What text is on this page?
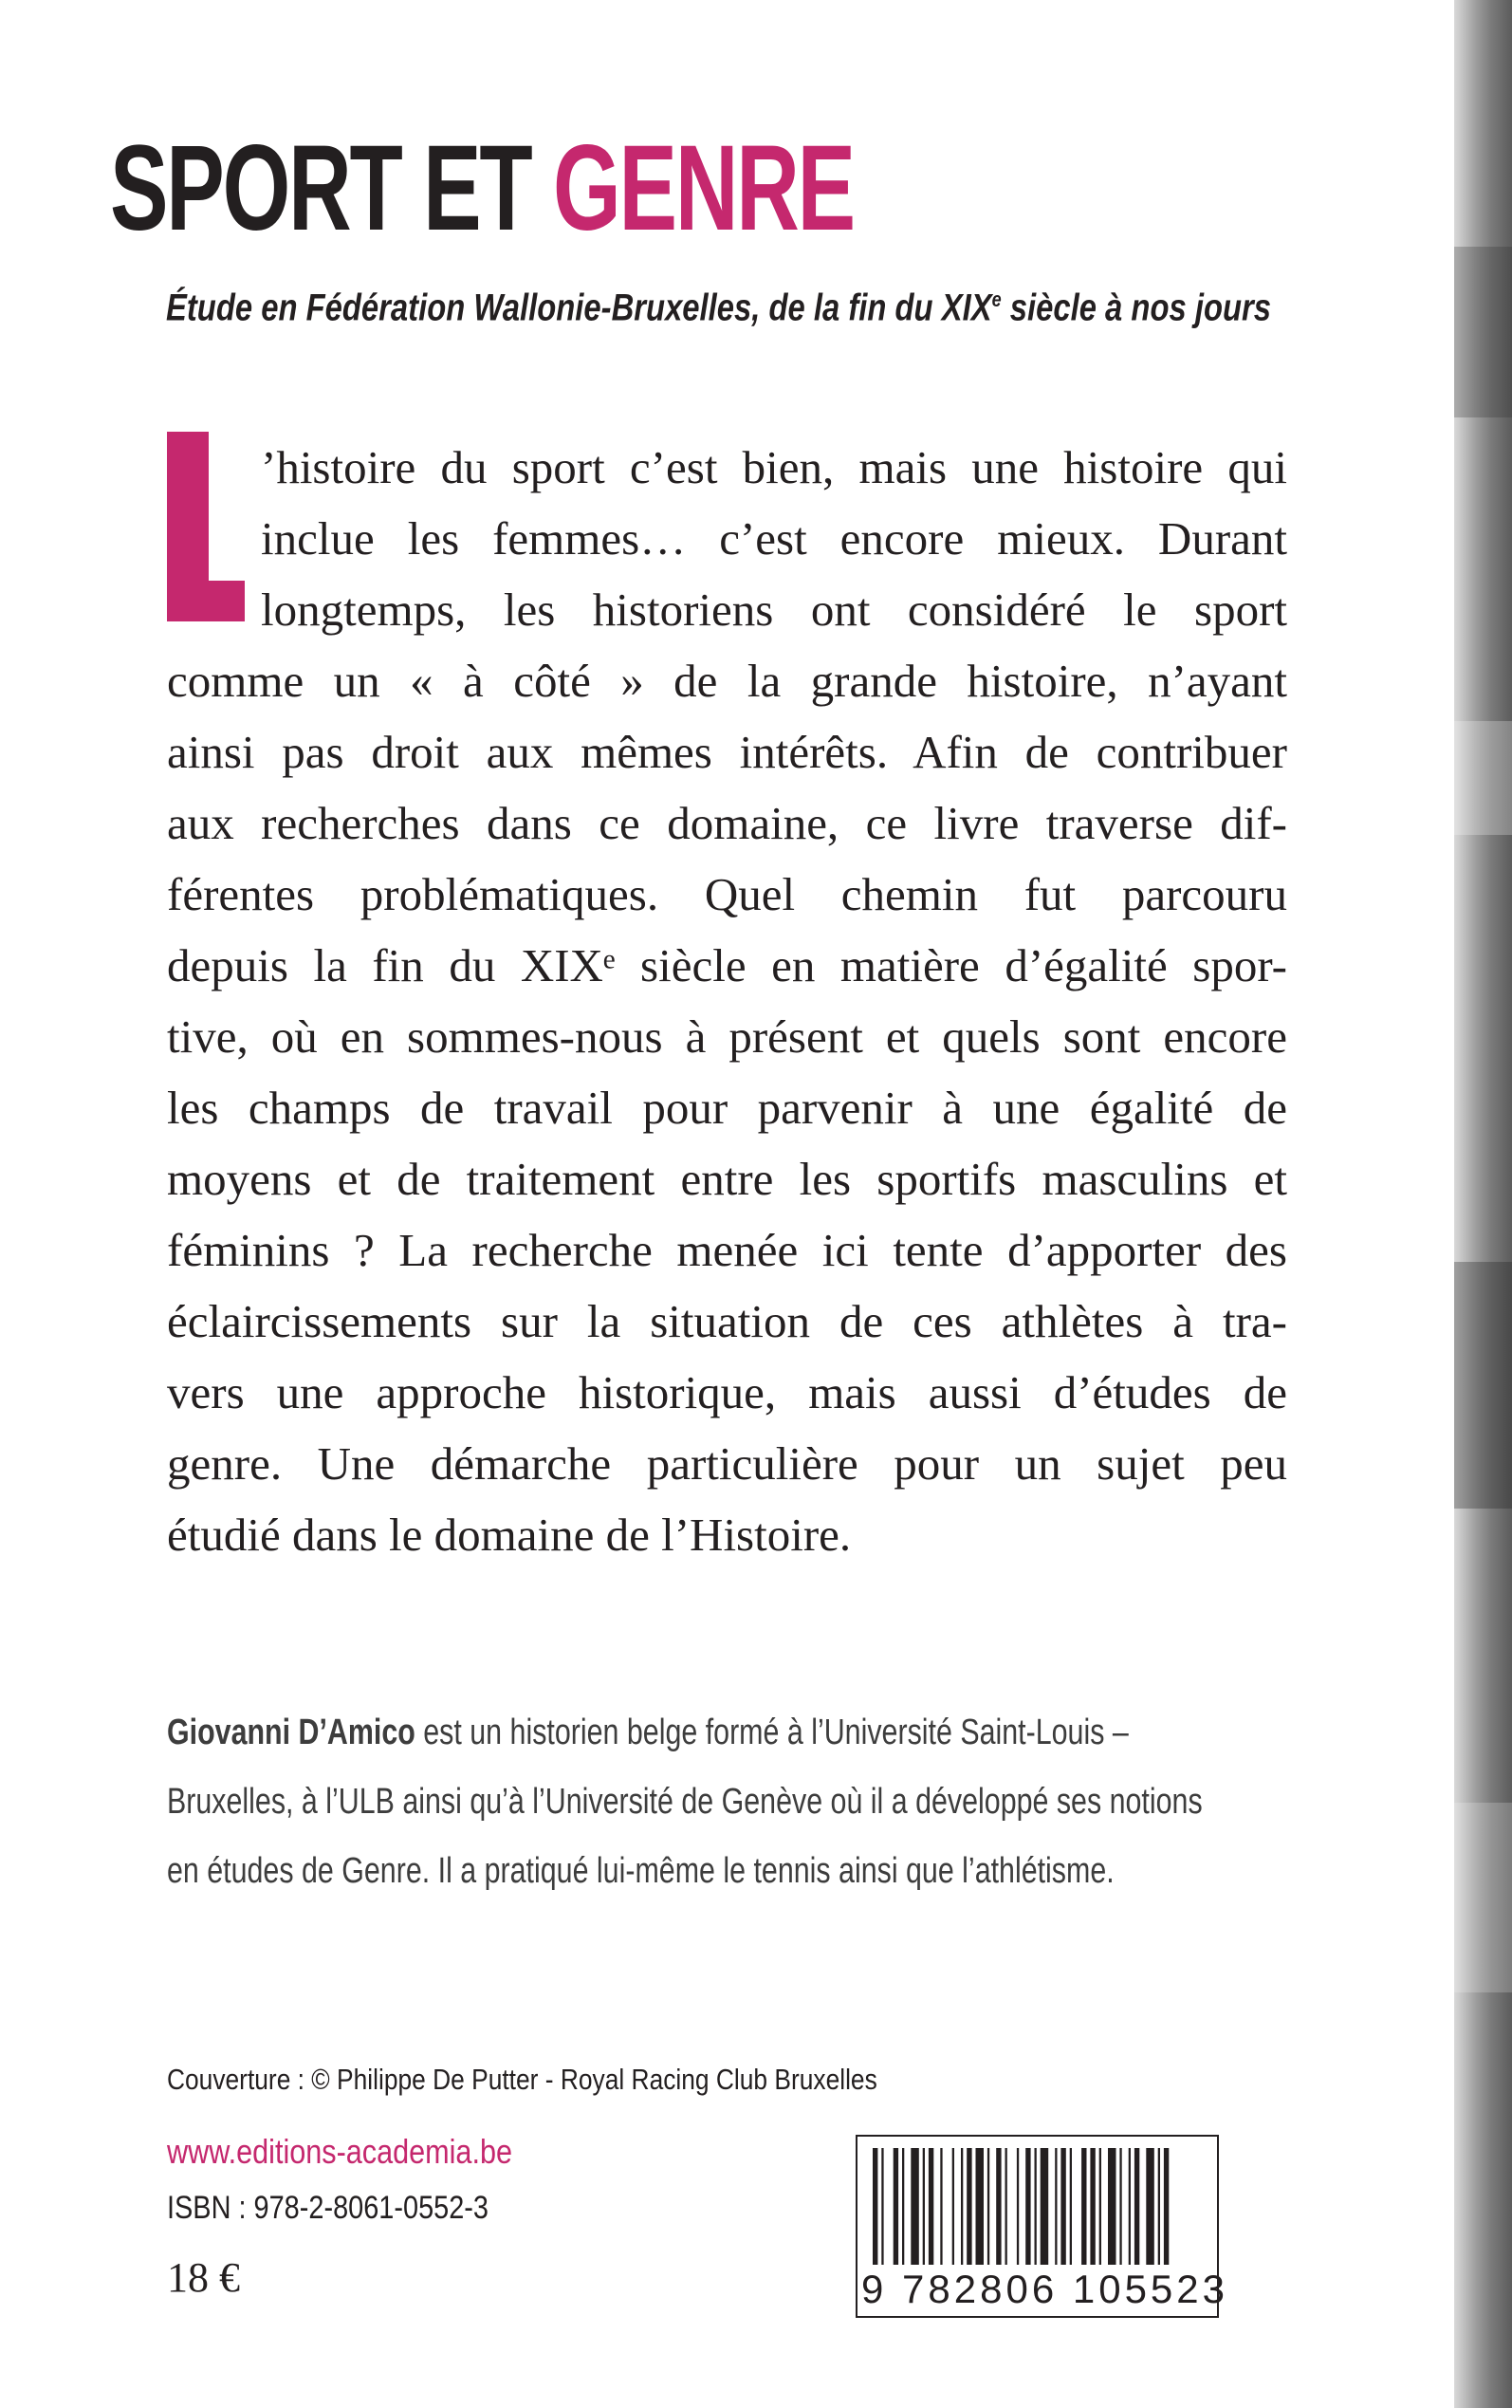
SPORT ET GENRE

Étude en Fédération Wallonie-Bruxelles, de la fin du XIXe siècle à nos jours

’histoire du sport c’est bien, mais une histoire qui

inclue les femmes… c’est encore mieux. Durant

longtemps, les historiens ont considéré le sport

comme un « à côté » de la grande histoire, n’ayant

ainsi pas droit aux mêmes intérêts. Afin de contribuer

aux recherches dans ce domaine, ce livre traverse dif-

férentes problématiques. Quel chemin fut parcouru

depuis la fin du XIXᵉ siècle en matière d’égalité spor-

tive, où en sommes-nous à présent et quels sont encore

les champs de travail pour parvenir à une égalité de

moyens et de traitement entre les sportifs masculins et

féminins ? La recherche menée ici tente d’apporter des

éclaircissements sur la situation de ces athlètes à tra-

vers une approche historique, mais aussi d’études de

genre. Une démarche particulière pour un sujet peu

étudié dans le domaine de l’Histoire.

Giovanni D’Amico est un historien belge formé à l’Université Saint-Louis –
Bruxelles, à l’ULB ainsi qu’à l’Université de Genève où il a développé ses notions
en études de Genre. Il a pratiqué lui-même le tennis ainsi que l’athlétisme.

Couverture : © Philippe De Putter - Royal Racing Club Bruxelles

www.editions-academia.be

ISBN : 978-2-8061-0552-3

18 €	9 782806 105523
